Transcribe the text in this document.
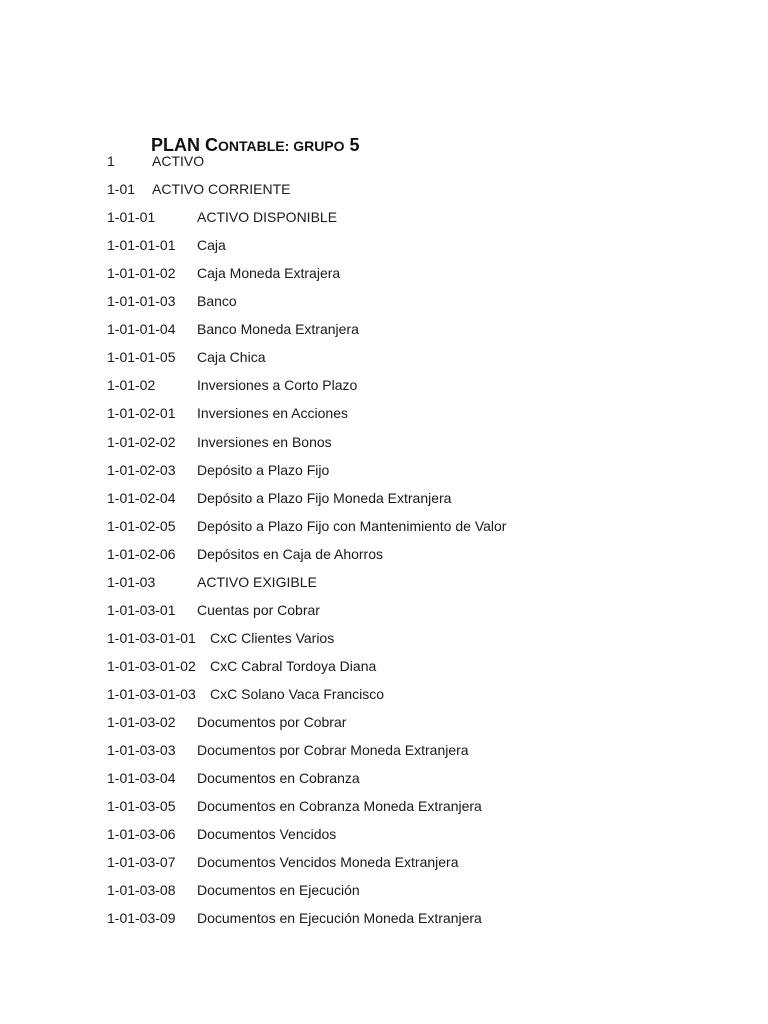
PLAN CONTABLE: GRUPO 5
1	ACTIVO
1-01 ACTIVO CORRIENTE
1-01-01	ACTIVO DISPONIBLE
1-01-01-01 Caja
1-01-01-02 Caja Moneda Extrajera
1-01-01-03 Banco
1-01-01-04 Banco Moneda Extranjera
1-01-01-05 Caja Chica
1-01-02	Inversiones a Corto Plazo
1-01-02-01 Inversiones en Acciones
1-01-02-02 Inversiones en Bonos
1-01-02-03 Depósito a Plazo Fijo
1-01-02-04 Depósito a Plazo Fijo Moneda Extranjera
1-01-02-05 Depósito a Plazo Fijo con Mantenimiento de Valor
1-01-02-06 Depósitos en Caja de Ahorros
1-01-03	ACTIVO EXIGIBLE
1-01-03-01 Cuentas por Cobrar
1-01-03-01-01 CxC Clientes Varios
1-01-03-01-02 CxC Cabral Tordoya Diana
1-01-03-01-03 CxC Solano Vaca Francisco
1-01-03-02 Documentos por Cobrar
1-01-03-03 Documentos por Cobrar Moneda Extranjera
1-01-03-04 Documentos en Cobranza
1-01-03-05 Documentos en Cobranza Moneda Extranjera
1-01-03-06 Documentos Vencidos
1-01-03-07 Documentos Vencidos Moneda Extranjera
1-01-03-08 Documentos en Ejecución
1-01-03-09 Documentos en Ejecución Moneda Extranjera
